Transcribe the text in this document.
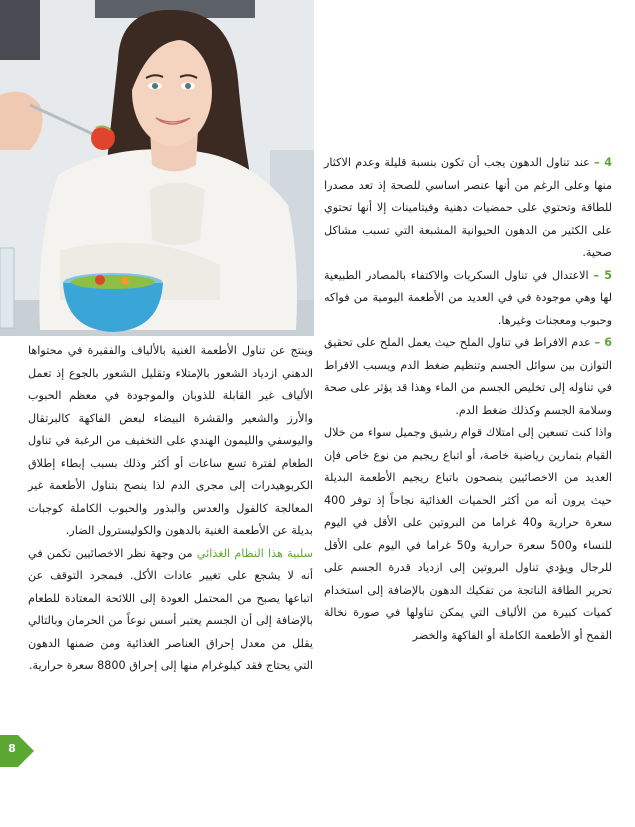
4 – عند تناول الدهون يجب أن تكون بنسبة قليلة وعدم الاكثار منها وعلى الرغم من أنها عنصر اساسي للصحة إذ تعد مصدرا للطاقة وتحتوي على حمضيات دهنية وفيتامينات إلا أنها تحتوي على الكثير من الدهون الحيوانية المشبعة التي تسبب مشاكل صحية.

5 – الاعتدال في تناول السكريات والاكتفاء بالمصادر الطبيعية لها وهي موجودة في في العديد من الأطعمة اليومية من فواكه وحبوب ومعجنات وغيرها.

6 – عدم الافراط في تناول الملح حيث يعمل الملح على تحقيق التوازن بين سوائل الجسم وتنظيم ضغط الدم ويسبب الافراط في تناوله إلى تخليص الجسم من الماء وهذا قد يؤثر على صحة وسلامة الجسم وكذلك ضغط الدم.

واذا كنت تسعين إلى امتلاك قوام رشيق وجميل سواء من خلال القيام بتمارين رياضية خاصة، أو اتباع ريجيم من نوع خاص فإن العديد من الاخصائيين ينصحون باتباع ريجيم الأطعمة البديلة حيث يرون أنه من أكثر الحميات الغذائية نجاحاً إذ توفر 400 سعرة حرارية و40 غراما من البروتين على الأقل في اليوم للنساء و500 سعرة حرارية و50 غراما في اليوم على الأقل للرجال ويؤدي تناول البروتين إلى ازدياد قدرة الجسم على تحرير الطاقة الناتجة من تفكيك الدهون بالإضافة إلى استخدام كميات كبيرة من الألياف التي يمكن تناولها في صورة نخالة القمح أو الأطعمة الكاملة أو الفاكهة والخضر

وينتج عن تناول الأطعمة الغنية بالألياف والفقيرة في محتواها الدهني ازدياد الشعور بالإمتلاء وتقليل الشعور بالجوع إذ تعمل الألياف غير القابلة للذوبان والموجودة في معظم الحبوب والأرز والشعير والقشرة البيضاء لبعض الفاكهة كالبرتقال واليوسفي والليمون الهندي على التخفيف من الرغبة في تناول الطعام لفترة تسع ساعات أو أكثر وذلك بسبب إبطاء إطلاق الكربوهيدرات إلى مجرى الدم لذا ينصح بتناول الأطعمة غير المعالجة كالفول والعدس والبذور والحبوب الكاملة كوجبات بديلة عن الأطعمة الغنية بالدهون والكوليسترول الضار.

سلبية هذا النظام الغذائي من وجهة نظر الاخصائيين تكمن في أنه لا يشجع على تغيير عادات الأكل. فبمجرد التوقف عن اتباعها يصبح من المحتمل العودة إلى اللائحة المعتادة للطعام بالإضافة إلى أن الجسم يعتبر أسس نوعاً من الحرمان وبالتالي يقلل من معدل إحراق العناصر الغذائية ومن ضمنها الدهون التي يحتاج فقد كيلوغرام منها إلى إحراق 8800 سعرة حرارية.

8
